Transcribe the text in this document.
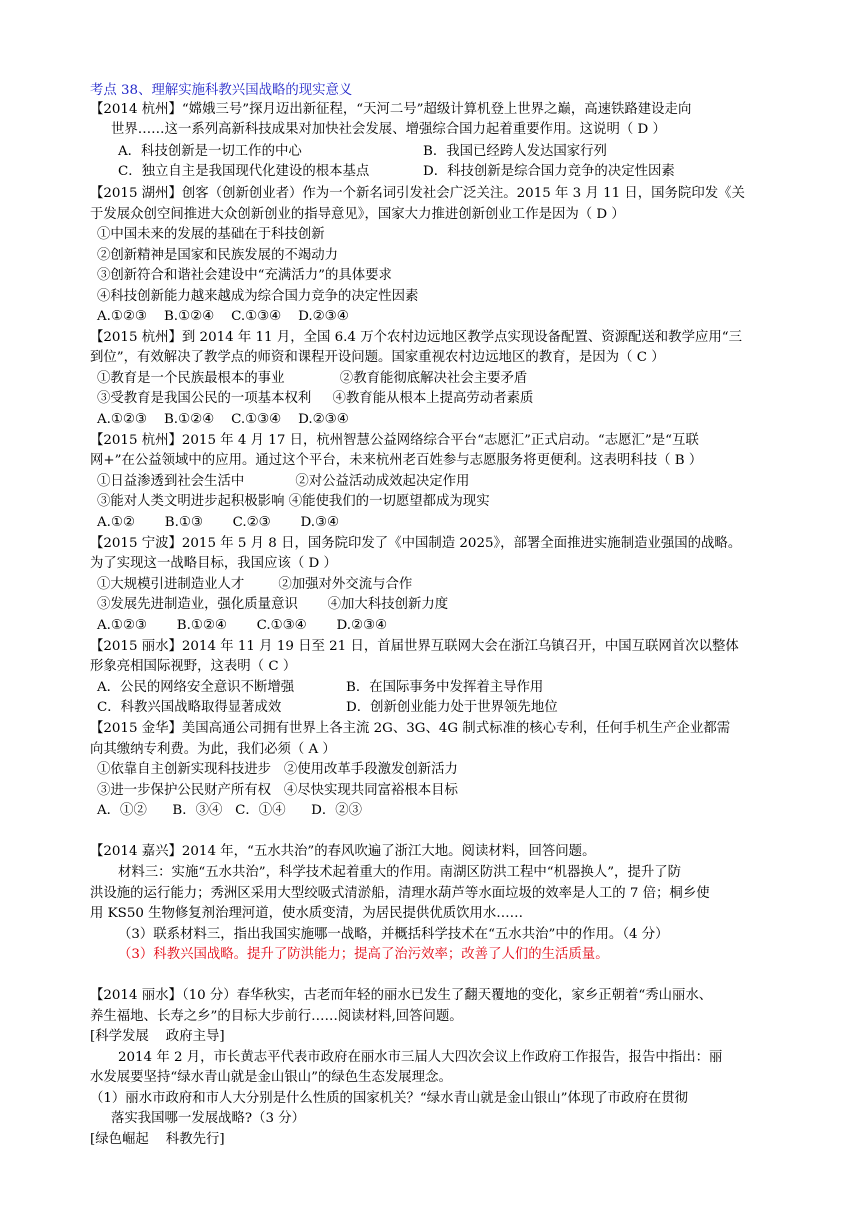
考点 38、理解实施科教兴国战略的现实意义
【2014 杭州】“嫦娥三号”探月迈出新征程，“天河二号”超级计算机登上世界之巅，高速铁路建设走向
世界……这一系列高新科技成果对加快社会发展、增强综合国力起着重要作用。这说明（ D ）
A．科技创新是一切工作的中心	B．我国已经跨人发达国家行列
C．独立自主是我国现代化建设的根本基点	D．科技创新是综合国力竞争的决定性因素
【2015 湖州】创客（创新创业者）作为一个新名词引发社会广泛关注。2015 年 3 月 11 日，国务院印发《关
于发展众创空间推进大众创新创业的指导意见》，国家大力推进创新创业工作是因为（ D ）
①中国未来的发展的基础在于科技创新
②创新精神是国家和民族发展的不竭动力
③创新符合和谐社会建设中“充满活力”的具体要求
④科技创新能力越来越成为综合国力竞争的决定性因素
A.①②③    B.①②④    C.①③④    D.②③④
【2015 杭州】到 2014 年 11 月，全国 6.4 万个农村边远地区教学点实现设备配置、资源配送和教学应用“三
到位”，有效解决了教学点的师资和课程开设问题。国家重视农村边远地区的教育，是因为（ C ）
①教育是一个民族最根本的事业             ②教育能彻底解决社会主要矛盾
③受教育是我国公民的一项基本权利     ④教育能从根本上提高劳动者素质
A.①②③    B.①②④    C.①③④    D.②③④
【2015 杭州】2015 年 4 月 17 日，杭州智慧公益网络综合平台“志愿汇”正式启动。“志愿汇”是“互联
网+”在公益领域中的应用。通过这个平台，未来杭州老百姓参与志愿服务将更便利。这表明科技（ B ）
①日益渗透到社会生活中            ②对公益活动成效起决定作用
③能对人类文明进步起积极影响 ④能使我们的一切愿望都成为现实
A.①②       B.①③       C.②③       D.③④
【2015 宁波】2015 年 5 月 8 日，国务院印发了《中国制造 2025》，部署全面推进实施制造业强国的战略。
为了实现这一战略目标，我国应该（ D ）
①大规模引进制造业人才        ②加强对外交流与合作
③发展先进制造业，强化质量意识       ④加大科技创新力度
A.①②③       B.①②④       C.①③④       D.②③④
【2015 丽水】2014 年 11 月 19 日至 21 日，首届世界互联网大会在浙江乌镇召开，中国互联网首次以整体
形象亮相国际视野，这表明（ C ）
A．公民的网络安全意识不断增强	B．在国际事务中发挥着主导作用
C．科教兴国战略取得显著成效	D．创新创业能力处于世界领先地位
【2015 金华】美国高通公司拥有世界上各主流 2G、3G、4G 制式标准的核心专利，任何手机生产企业都需
向其缴纳专利费。为此，我们必须（ A ）
①依靠自主创新实现科技进步   ②使用改革手段激发创新活力
③进一步保护公民财产所有权   ④尽快实现共同富裕根本目标
A．①②      B．③④   C．①④      D．②③
【2014 嘉兴】2014 年，“五水共治”的春风吹遍了浙江大地。阅读材料，回答问题。
材料三：实施“五水共治”，科学技术起着重大的作用。南湖区防洪工程中“机器换人”，提升了防
洪设施的运行能力；秀洲区采用大型绞吸式清淤船，清理水葫芦等水面垃圾的效率是人工的 7 倍；桐乡使
用 KS50 生物修复剂治理河道，使水质变清，为居民提供优质饮用水……
（3）联系材料三，指出我国实施哪一战略，并概括科学技术在“五水共治”中的作用。（4 分）
（3）科教兴国战略。提升了防洪能力；提高了治污效率；改善了人们的生活质量。
【2014 丽水】（10 分）春华秋实，古老而年轻的丽水已发生了翻天覆地的变化，家乡正朝着“秀山丽水、
养生福地、长寿之乡”的目标大步前行……阅读材料,回答问题。
[科学发展    政府主导]
2014 年 2 月，市长黄志平代表市政府在丽水市三届人大四次会议上作政府工作报告，报告中指出：丽
水发展要坚持“绿水青山就是金山银山”的绿色生态发展理念。
（1）丽水市政府和市人大分别是什么性质的国家机关？“绿水青山就是金山银山”体现了市政府在贯彻
落实我国哪一发展战略?（3 分）
[绿色崛起    科教先行]
